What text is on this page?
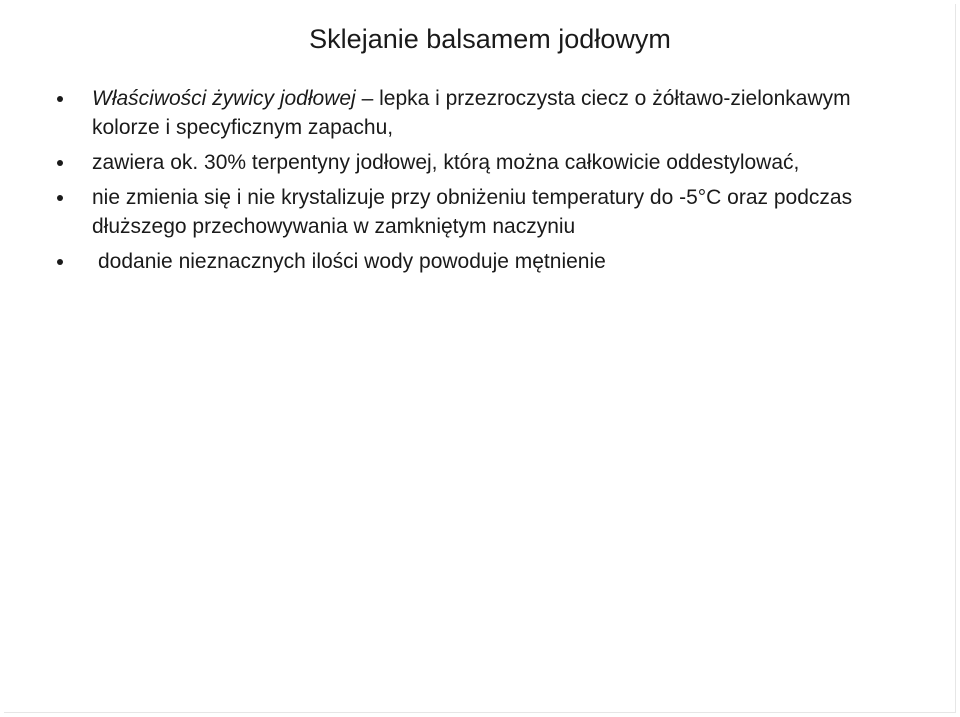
Sklejanie balsamem jodłowym
Właściwości żywicy jodłowej – lepka i przezroczysta ciecz o żółtawo-zielonkawym kolorze i specyficznym zapachu,
zawiera ok. 30% terpentyny jodłowej, którą można całkowicie oddestylować,
nie zmienia się i nie krystalizuje przy obniżeniu temperatury do -5°C oraz podczas dłuższego przechowywania w zamkniętym naczyniu
dodanie nieznacznych ilości wody powoduje mętnienie
